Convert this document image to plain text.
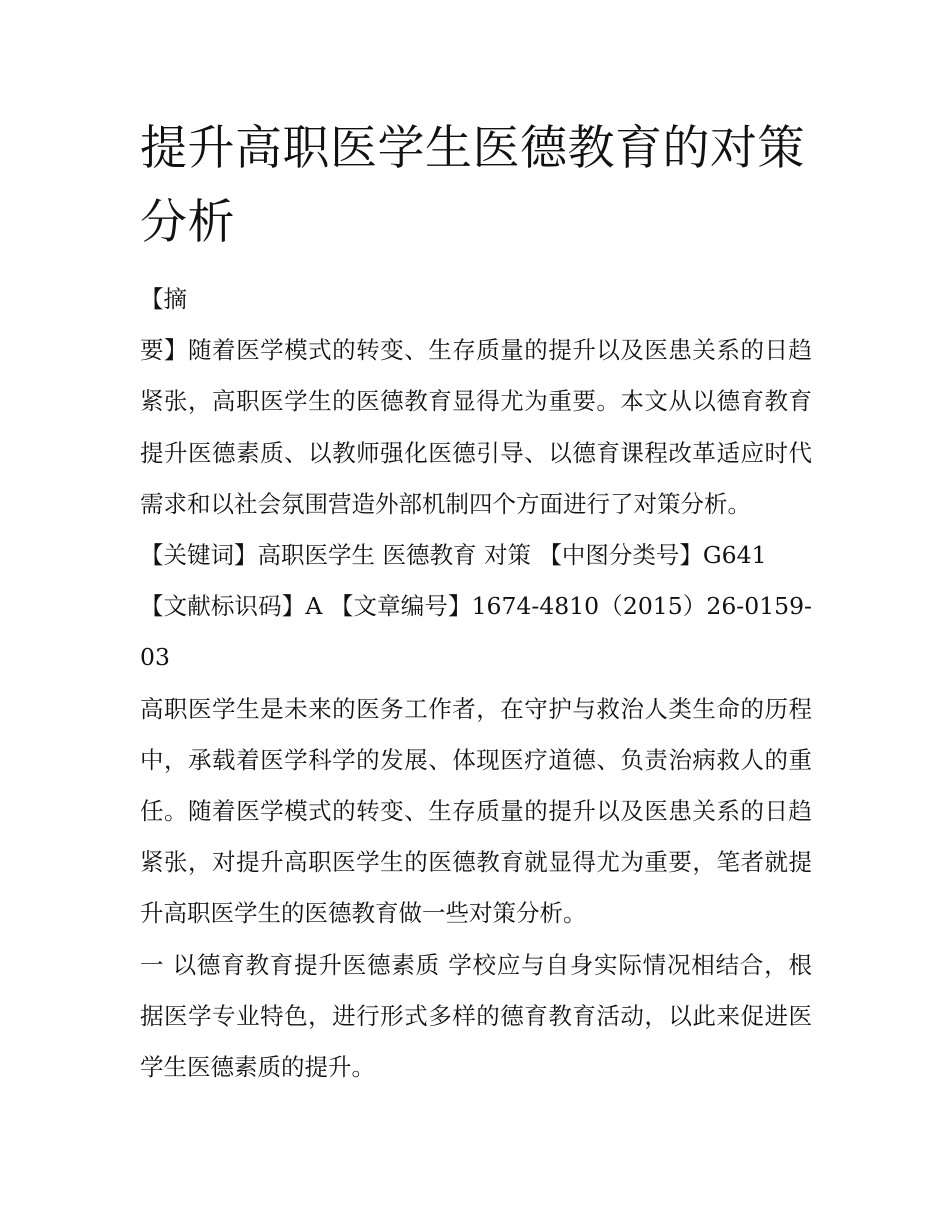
提升高职医学生医德教育的对策分析

【摘

要】随着医学模式的转变、生存质量的提升以及医患关系的日趋紧张，高职医学生的医德教育显得尤为重要。本文从以德育教育提升医德素质、以教师强化医德引导、以德育课程改革适应时代需求和以社会氛围营造外部机制四个方面进行了对策分析。

【关键词】高职医学生 医德教育 对策 【中图分类号】G641

【文献标识码】A 【文章编号】1674-4810（2015）26-0159-03

高职医学生是未来的医务工作者，在守护与救治人类生命的历程中，承载着医学科学的发展、体现医疗道德、负责治病救人的重任。随着医学模式的转变、生存质量的提升以及医患关系的日趋紧张，对提升高职医学生的医德教育就显得尤为重要，笔者就提升高职医学生的医德教育做一些对策分析。

一 以德育教育提升医德素质 学校应与自身实际情况相结合，根据医学专业特色，进行形式多样的德育教育活动，以此来促进医学生医德素质的提升。
